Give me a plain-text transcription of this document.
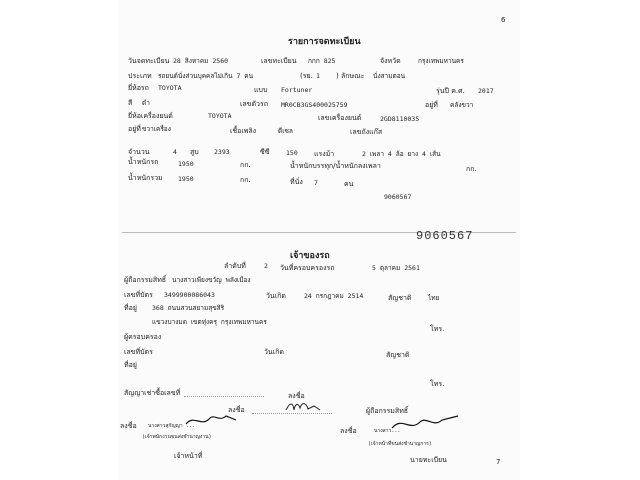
6
รายการจดทะเบียน
วันจดทะเบียน 28 สิงหาคม 2560	เลขทะเบียน กกก 825	จังหวัด	กรุงเทพมหานคร
ประเภท รถยนต์นั่งส่วนบุคคลไม่เกิน 7 คน	(รย. 1 ) ลักษณะ นั่งสามตอน
ยี่ห้อรถ TOYOTA	แบบ Fortuner	รุ่นปี ค.ศ. 2017
สี ดำ	เลขตัวรถ MR0CB3GS400025759	อยู่ที่ คลังขวา
ยี่ห้อเครื่องยนต์	TOYOTA	เลขเครื่องยนต์	2GD8110035
อยู่ที่ ขวาเครื่อง	เชื้อเพลิง	ดีเซล	เลขถังแก๊ส
จำนวน	4 สูบ 2393	ซีซี	150 แรงม้า	2 เพลา 4 ล้อ ยาง 4 เส้น
น้ำหนักรถ	1950	กก.	น้ำหนักบรรทุก/น้ำหนักลงเพลา	กก.
น้ำหนักรวม 1950	กก.	ที่นั่ง 7	คน
9060567
9060567
เจ้าของรถ
ลำดับที่	2 วันที่ครอบครองรถ	5 ตุลาคม 2561
ผู้ถือกรรมสิทธิ์ นางสาวเพียงขวัญ พลังเมือง
เลขที่บัตร 3499900086043	วันเกิด	24 กรกฎาคม 2514	สัญชาติ	ไทย
ที่อยู่ 368 ถนนสวนสยามสุขสิริ
แขวงบางมด เขตทุ่งครุ กรุงเทพมหานคร
โทร.
ผู้ครอบครอง
เลขที่บัตร	วันเกิด	สัญชาติ
ที่อยู่
โทร.
สัญญาเช่าซื้อเลขที่	ลงชื่อ
ลงชื่อ	ผู้ถือกรรมสิทธิ์
ลงชื่อ นางสาวสุกัญญา ...
(เจ้าพนักงานขนส่งชำนาญงาน)
เจ้าหน้าที่
ลงชื่อ	นางสาว...
(เจ้าหน้าที่ขนส่งชำนาญการ)
นายทะเบียน	7
